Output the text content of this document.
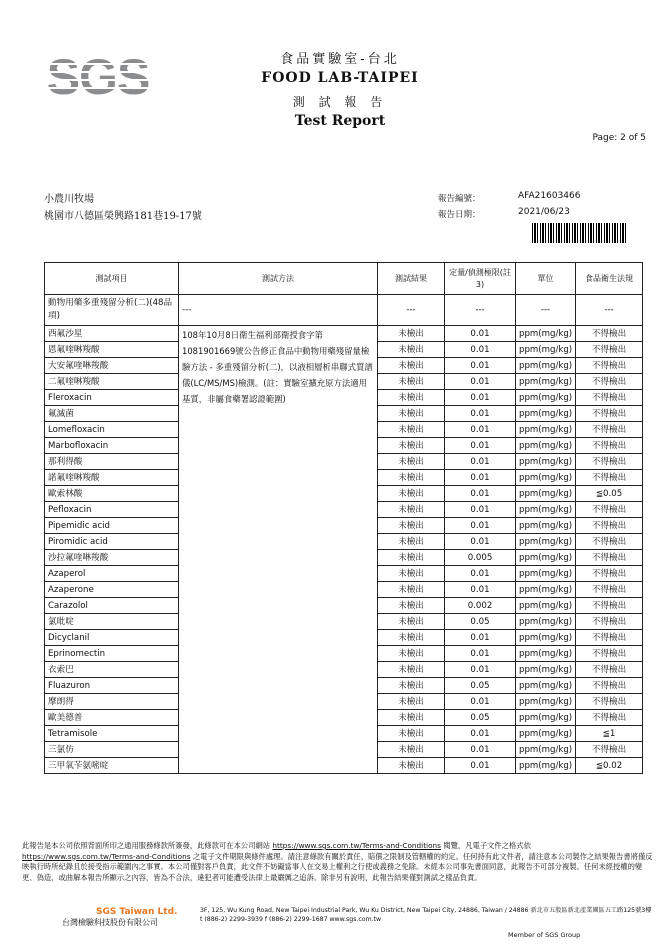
SGS	食品實驗室-台北
FOOD LAB-TAIPEI
測 試 報 告
Test Report
Page: 2 of 5
小農川牧場
桃園市八德區榮興路181巷19-17號
報告編號：	AFA21603466
報告日期：	2021/06/23
測試項目	測試方法	測試結果	定量/偵測極限(註3)	單位	食品衛生法規
動物用藥多重殘留分析(二)(48品項)	---	---	---	---	---
西氟沙星	108年10月8日衛生福利部衛授食字第1081901669號公告修正食品中動物用藥殘留量檢驗方法 - 多重殘留分析(二)，以液相層析串聯式質譜儀(LC/MS/MS)檢測。(註：實驗室擴充原方法適用基質，非屬食藥署認證範圍)	未檢出	0.01	ppm(mg/kg)	不得檢出
恩氟喹啉羧酸		未檢出	0.01	ppm(mg/kg)	不得檢出
大安氟喹啉羧酸		未檢出	0.01	ppm(mg/kg)	不得檢出
二氟喹啉羧酸		未檢出	0.01	ppm(mg/kg)	不得檢出
Fleroxacin		未檢出	0.01	ppm(mg/kg)	不得檢出
氟滅菌		未檢出	0.01	ppm(mg/kg)	不得檢出
Lomefloxacin		未檢出	0.01	ppm(mg/kg)	不得檢出
Marbofloxacin		未檢出	0.01	ppm(mg/kg)	不得檢出
那利得酸		未檢出	0.01	ppm(mg/kg)	不得檢出
諾氟喹啉羧酸		未檢出	0.01	ppm(mg/kg)	不得檢出
歐索林酸		未檢出	0.01	ppm(mg/kg)	≦0.05
Pefloxacin		未檢出	0.01	ppm(mg/kg)	不得檢出
Pipemidic acid		未檢出	0.01	ppm(mg/kg)	不得檢出
Piromidic acid		未檢出	0.01	ppm(mg/kg)	不得檢出
沙拉氟喹啉羧酸		未檢出	0.005	ppm(mg/kg)	不得檢出
Azaperol		未檢出	0.01	ppm(mg/kg)	不得檢出
Azaperone		未檢出	0.01	ppm(mg/kg)	不得檢出
Carazolol		未檢出	0.002	ppm(mg/kg)	不得檢出
氯吡啶		未檢出	0.05	ppm(mg/kg)	不得檢出
Dicyclanil		未檢出	0.01	ppm(mg/kg)	不得檢出
Eprinomectin		未檢出	0.01	ppm(mg/kg)	不得檢出
衣索巴		未檢出	0.01	ppm(mg/kg)	不得檢出
Fluazuron		未檢出	0.05	ppm(mg/kg)	不得檢出
摩朗得		未檢出	0.01	ppm(mg/kg)	不得檢出
歐美德普		未檢出	0.05	ppm(mg/kg)	不得檢出
Tetramisole		未檢出	0.01	ppm(mg/kg)	≦1
三氯仿		未檢出	0.01	ppm(mg/kg)	不得檢出
三甲氧苄氨嘧啶		未檢出	0.01	ppm(mg/kg)	≦0.02
此報告是本公司依照背面所印之通用服務條款所簽發，此條款可在本公司網站 https://www.sgs.com.tw/Terms-and-Conditions 閱覽，凡電子文件之格式依
https://www.sgs.com.tw/Terms-and-Conditions 之電子文件期限與條件處理。請注意條款有關於責任、賠償之限制及管轄權的約定。任何持有此文件者，請注意本公司製作之結果報告書將僅反映執行時所紀錄且於接受指示範圍內之事實。本公司僅對客戶負責，此文件不妨礙當事人在交易上權利之行使或義務之免除。未經本公司事先書面同意，此報告不可部分複製。任何未經授權的變更、偽造、或曲解本報告所顯示之內容，皆為不合法，違犯者可能遭受法律上最嚴厲之追訴。除非另有說明，此報告結果僅對測試之樣品負責。
SGS Taiwan Ltd.
台灣檢驗科技股份有限公司
3F, 125, Wu Kung Road, New Taipei Industrial Park, Wu Ku District, New Taipei City, 24886, Taiwan / 24886 新北市五股區新北產業園區五工路125號3樓
t (886-2) 2299-3939 f (886-2) 2299-1687 www.sgs.com.tw
Member of SGS Group
